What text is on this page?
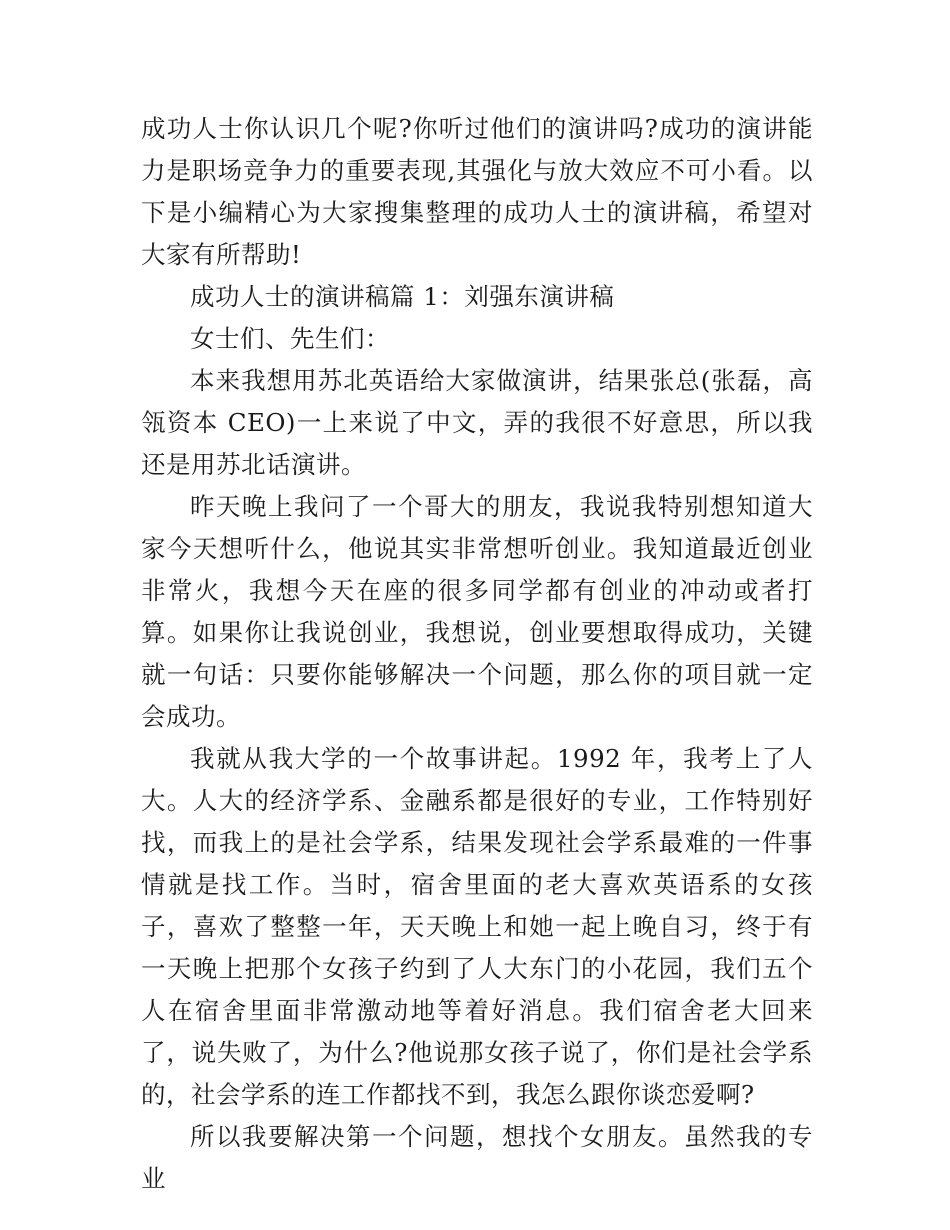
成功人士你认识几个呢?你听过他们的演讲吗?成功的演讲能力是职场竞争力的重要表现,其强化与放大效应不可小看。以下是小编精心为大家搜集整理的成功人士的演讲稿，希望对大家有所帮助!

成功人士的演讲稿篇 1：刘强东演讲稿

女士们、先生们：

本来我想用苏北英语给大家做演讲，结果张总(张磊，高瓴资本 CEO)一上来说了中文，弄的我很不好意思，所以我还是用苏北话演讲。

昨天晚上我问了一个哥大的朋友，我说我特别想知道大家今天想听什么，他说其实非常想听创业。我知道最近创业非常火，我想今天在座的很多同学都有创业的冲动或者打算。如果你让我说创业，我想说，创业要想取得成功，关键就一句话：只要你能够解决一个问题，那么你的项目就一定会成功。

我就从我大学的一个故事讲起。1992 年，我考上了人大。人大的经济学系、金融系都是很好的专业，工作特别好找，而我上的是社会学系，结果发现社会学系最难的一件事情就是找工作。当时，宿舍里面的老大喜欢英语系的女孩子，喜欢了整整一年，天天晚上和她一起上晚自习，终于有一天晚上把那个女孩子约到了人大东门的小花园，我们五个人在宿舍里面非常激动地等着好消息。我们宿舍老大回来了，说失败了，为什么?他说那女孩子说了，你们是社会学系的，社会学系的连工作都找不到，我怎么跟你谈恋爱啊?

所以我要解决第一个问题，想找个女朋友。虽然我的专业
